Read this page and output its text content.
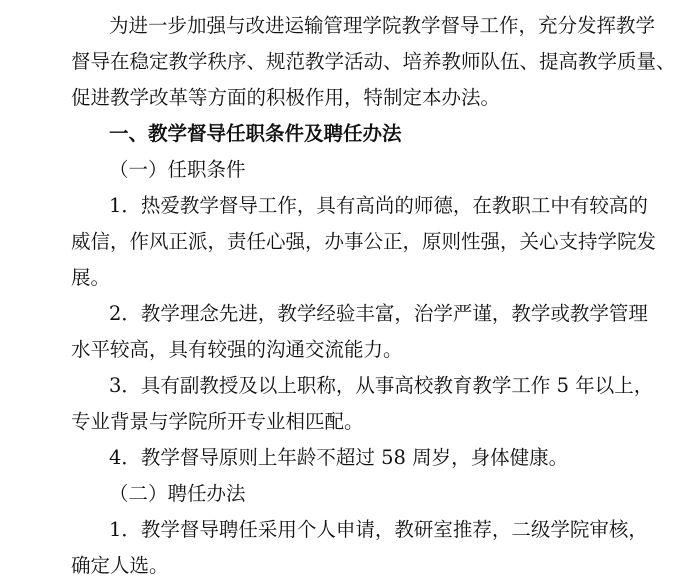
为进一步加强与改进运输管理学院教学督导工作，充分发挥教学
督导在稳定教学秩序、规范教学活动、培养教师队伍、提高教学质量、
促进教学改革等方面的积极作用，特制定本办法。
一、教学督导任职条件及聘任办法
（一）任职条件
1．热爱教学督导工作，具有高尚的师德，在教职工中有较高的
威信，作风正派，责任心强，办事公正，原则性强，关心支持学院发
展。
2．教学理念先进，教学经验丰富，治学严谨，教学或教学管理
水平较高，具有较强的沟通交流能力。
3．具有副教授及以上职称，从事高校教育教学工作 5 年以上，
专业背景与学院所开专业相匹配。
4．教学督导原则上年龄不超过 58 周岁，身体健康。
（二）聘任办法
1．教学督导聘任采用个人申请，教研室推荐，二级学院审核，
确定人选。
